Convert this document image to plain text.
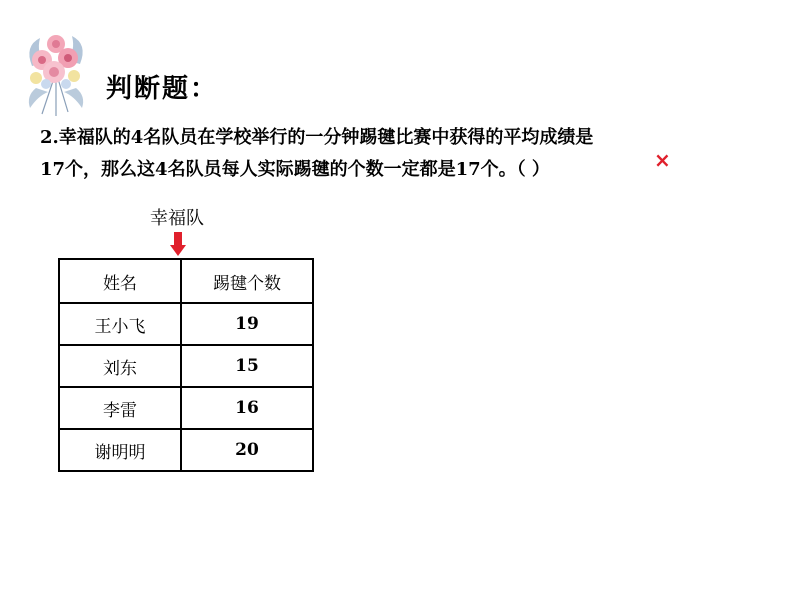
判断题：
2.幸福队的4名队员在学校举行的一分钟踢毽比赛中获得的平均成绩是
17个，那么这4名队员每人实际踢毽的个数一定都是17个。（ ）	×
幸福队
姓名	踢毽个数
王小飞	19
刘东	15
李雷	16
谢明明	20
